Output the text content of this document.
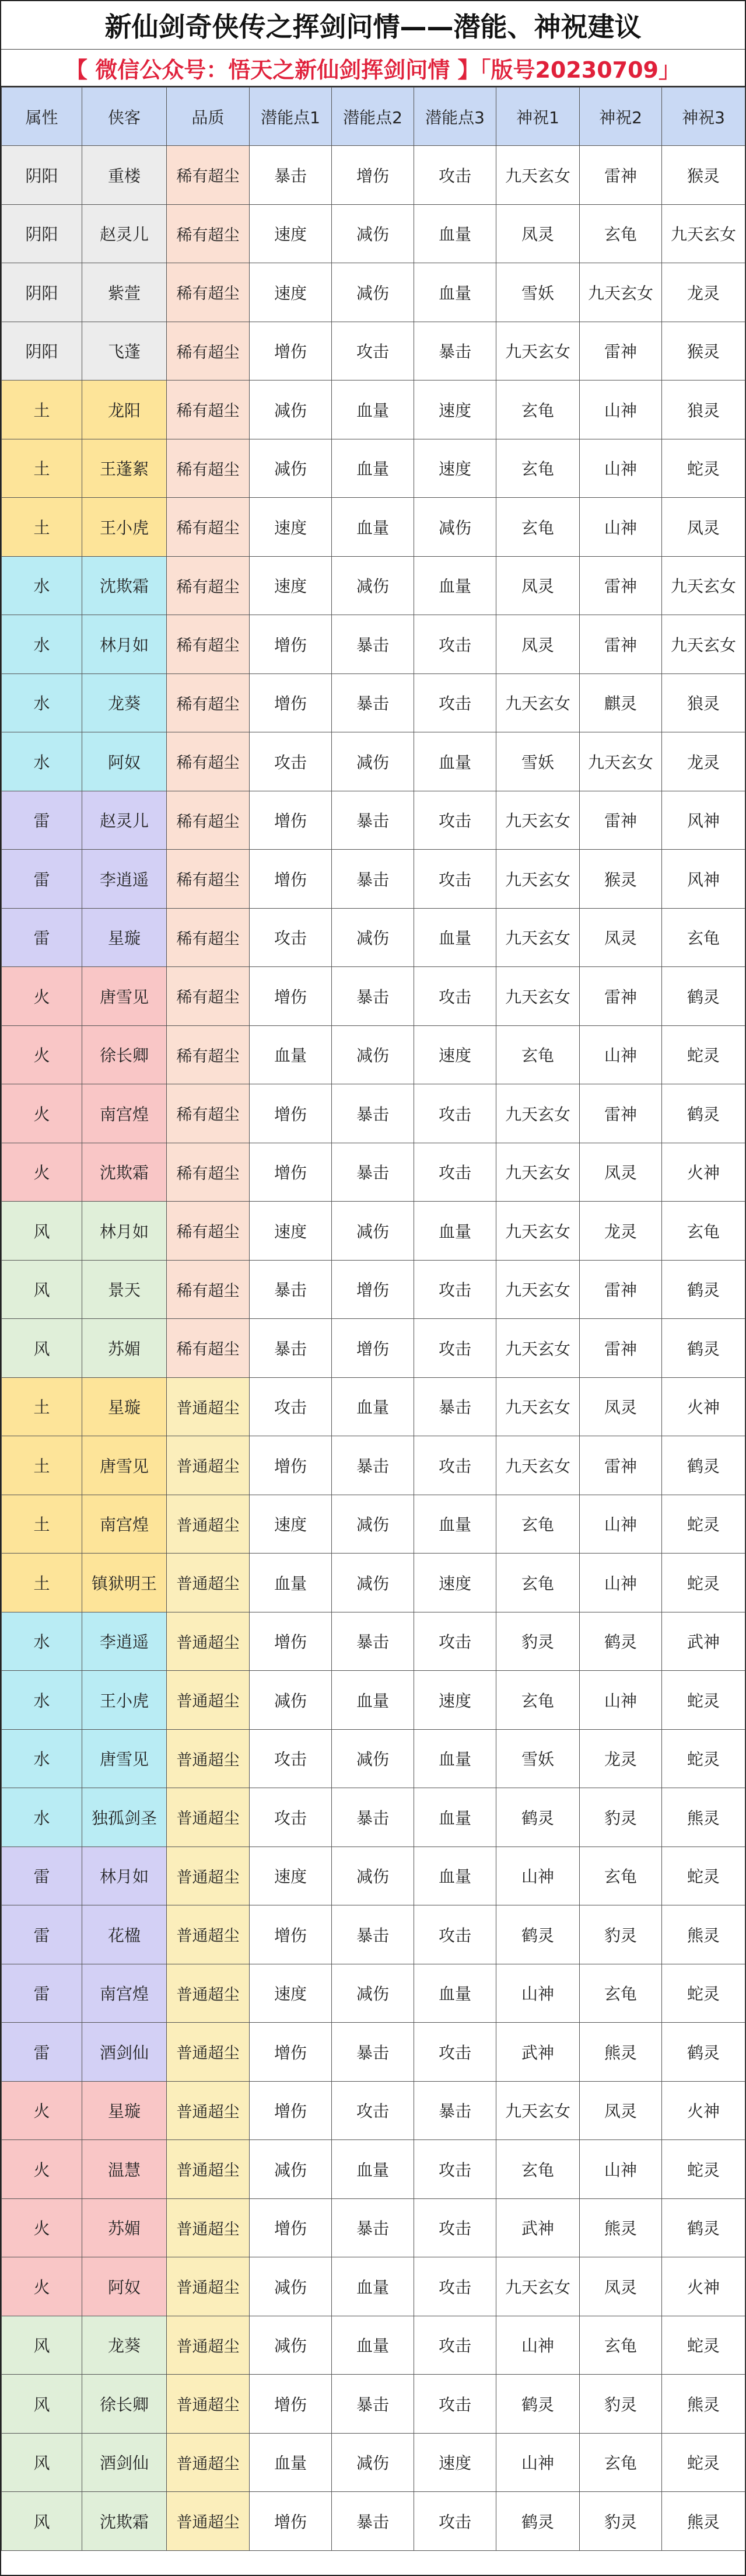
新仙剑奇侠传之挥剑问情——潜能、神祝建议
【 微信公众号：悟天之新仙剑挥剑问情 】「版号20230709」
属性	侠客	品质	潜能点1	潜能点2	潜能点3	神祝1	神祝2	神祝3
阴阳	重楼	稀有超尘	暴击	增伤	攻击	九天玄女	雷神	猴灵
阴阳	赵灵儿	稀有超尘	速度	减伤	血量	凤灵	玄龟	九天玄女
阴阳	紫萱	稀有超尘	速度	减伤	血量	雪妖	九天玄女	龙灵
阴阳	飞蓬	稀有超尘	增伤	攻击	暴击	九天玄女	雷神	猴灵
土	龙阳	稀有超尘	减伤	血量	速度	玄龟	山神	狼灵
土	王蓬絮	稀有超尘	减伤	血量	速度	玄龟	山神	蛇灵
土	王小虎	稀有超尘	速度	血量	减伤	玄龟	山神	凤灵
水	沈欺霜	稀有超尘	速度	减伤	血量	凤灵	雷神	九天玄女
水	林月如	稀有超尘	增伤	暴击	攻击	凤灵	雷神	九天玄女
水	龙葵	稀有超尘	增伤	暴击	攻击	九天玄女	麒灵	狼灵
水	阿奴	稀有超尘	攻击	减伤	血量	雪妖	九天玄女	龙灵
雷	赵灵儿	稀有超尘	增伤	暴击	攻击	九天玄女	雷神	风神
雷	李逍遥	稀有超尘	增伤	暴击	攻击	九天玄女	猴灵	风神
雷	星璇	稀有超尘	攻击	减伤	血量	九天玄女	凤灵	玄龟
火	唐雪见	稀有超尘	增伤	暴击	攻击	九天玄女	雷神	鹤灵
火	徐长卿	稀有超尘	血量	减伤	速度	玄龟	山神	蛇灵
火	南宫煌	稀有超尘	增伤	暴击	攻击	九天玄女	雷神	鹤灵
火	沈欺霜	稀有超尘	增伤	暴击	攻击	九天玄女	凤灵	火神
风	林月如	稀有超尘	速度	减伤	血量	九天玄女	龙灵	玄龟
风	景天	稀有超尘	暴击	增伤	攻击	九天玄女	雷神	鹤灵
风	苏媚	稀有超尘	暴击	增伤	攻击	九天玄女	雷神	鹤灵
土	星璇	普通超尘	攻击	血量	暴击	九天玄女	凤灵	火神
土	唐雪见	普通超尘	增伤	暴击	攻击	九天玄女	雷神	鹤灵
土	南宫煌	普通超尘	速度	减伤	血量	玄龟	山神	蛇灵
土	镇狱明王	普通超尘	血量	减伤	速度	玄龟	山神	蛇灵
水	李逍遥	普通超尘	增伤	暴击	攻击	豹灵	鹤灵	武神
水	王小虎	普通超尘	减伤	血量	速度	玄龟	山神	蛇灵
水	唐雪见	普通超尘	攻击	减伤	血量	雪妖	龙灵	蛇灵
水	独孤剑圣	普通超尘	攻击	暴击	血量	鹤灵	豹灵	熊灵
雷	林月如	普通超尘	速度	减伤	血量	山神	玄龟	蛇灵
雷	花楹	普通超尘	增伤	暴击	攻击	鹤灵	豹灵	熊灵
雷	南宫煌	普通超尘	速度	减伤	血量	山神	玄龟	蛇灵
雷	酒剑仙	普通超尘	增伤	暴击	攻击	武神	熊灵	鹤灵
火	星璇	普通超尘	增伤	攻击	暴击	九天玄女	凤灵	火神
火	温慧	普通超尘	减伤	血量	攻击	玄龟	山神	蛇灵
火	苏媚	普通超尘	增伤	暴击	攻击	武神	熊灵	鹤灵
火	阿奴	普通超尘	减伤	血量	攻击	九天玄女	凤灵	火神
风	龙葵	普通超尘	减伤	血量	攻击	山神	玄龟	蛇灵
风	徐长卿	普通超尘	增伤	暴击	攻击	鹤灵	豹灵	熊灵
风	酒剑仙	普通超尘	血量	减伤	速度	山神	玄龟	蛇灵
风	沈欺霜	普通超尘	增伤	暴击	攻击	鹤灵	豹灵	熊灵
